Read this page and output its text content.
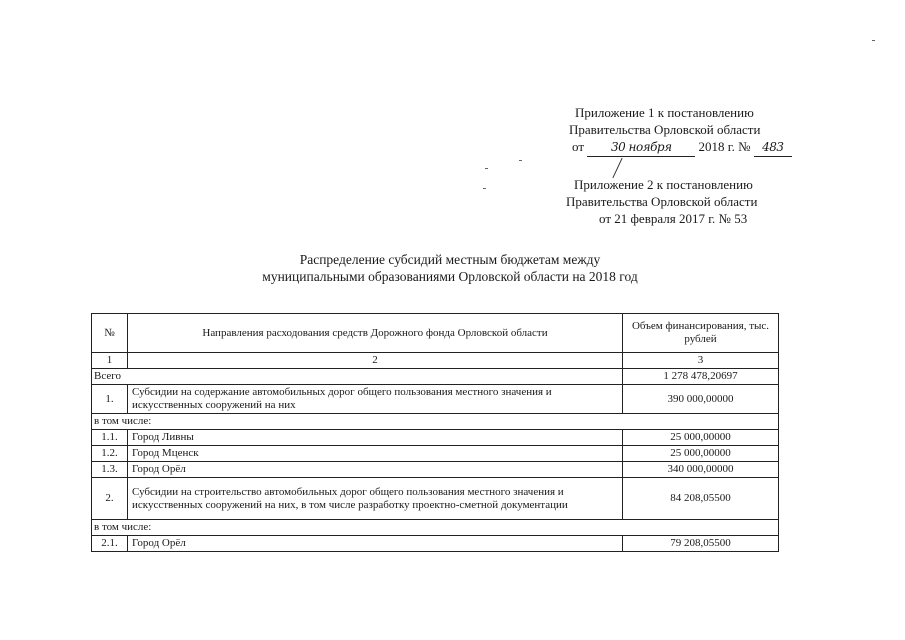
Приложение 1 к постановлению
Правительства Орловской области
от 30 ноября 2018 г. № 483
Приложение 2 к постановлению
Правительства Орловской области
от 21 февраля 2017 г. № 53
Распределение субсидий местным бюджетам между
муниципальными образованиями Орловской области на 2018 год
№	Направления расходования средств Дорожного фонда Орловской области	Объем финансирования, тыс. рублей
1	2	3
Всего		1 278 478,20697
1.	Субсидии на содержание автомобильных дорог общего пользования местного значения и искусственных сооружений на них	390 000,00000
в том числе:		
1.1.	Город Ливны	25 000,00000
1.2.	Город Мценск	25 000,00000
1.3.	Город Орёл	340 000,00000
2.	Субсидии на строительство автомобильных дорог общего пользования местного значения и искусственных сооружений на них, в том числе разработку проектно-сметной документации	84 208,05500
в том числе:		
2.1.	Город Орёл	79 208,05500
